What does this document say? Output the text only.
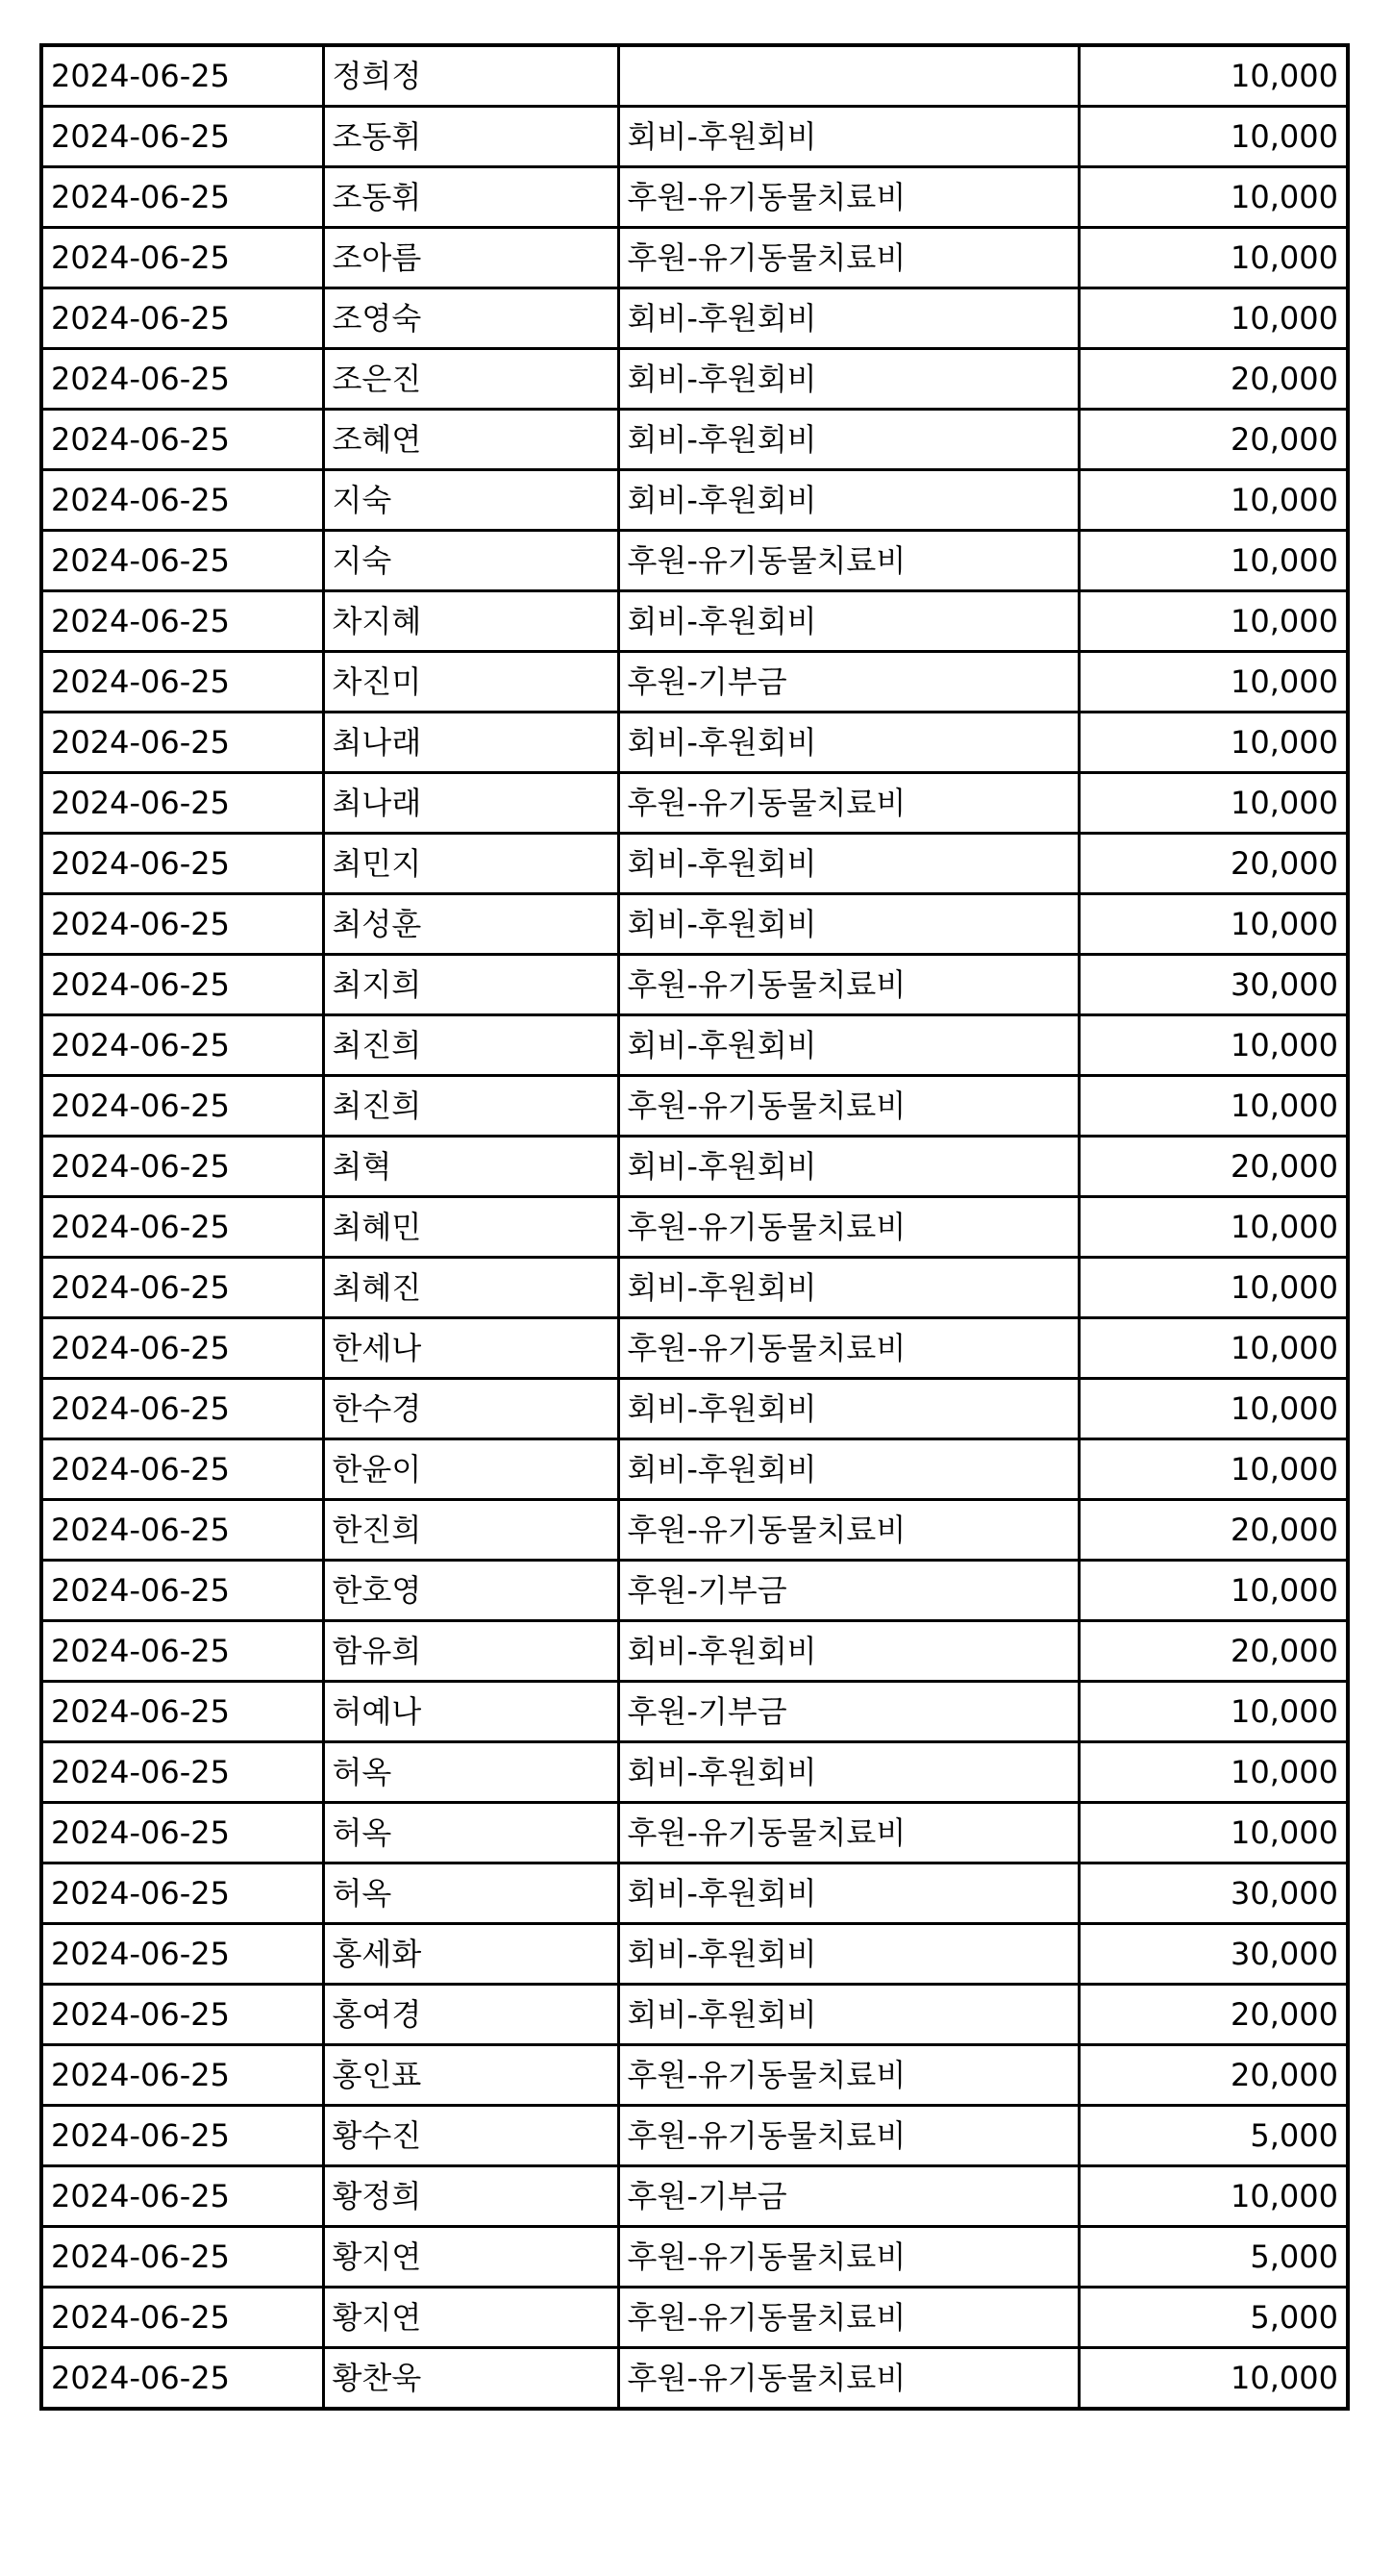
2024-06-25	정희정		10,000
2024-06-25	조동휘	회비-후원회비	10,000
2024-06-25	조동휘	후원-유기동물치료비	10,000
2024-06-25	조아름	후원-유기동물치료비	10,000
2024-06-25	조영숙	회비-후원회비	10,000
2024-06-25	조은진	회비-후원회비	20,000
2024-06-25	조혜연	회비-후원회비	20,000
2024-06-25	지숙	회비-후원회비	10,000
2024-06-25	지숙	후원-유기동물치료비	10,000
2024-06-25	차지혜	회비-후원회비	10,000
2024-06-25	차진미	후원-기부금	10,000
2024-06-25	최나래	회비-후원회비	10,000
2024-06-25	최나래	후원-유기동물치료비	10,000
2024-06-25	최민지	회비-후원회비	20,000
2024-06-25	최성훈	회비-후원회비	10,000
2024-06-25	최지희	후원-유기동물치료비	30,000
2024-06-25	최진희	회비-후원회비	10,000
2024-06-25	최진희	후원-유기동물치료비	10,000
2024-06-25	최혁	회비-후원회비	20,000
2024-06-25	최혜민	후원-유기동물치료비	10,000
2024-06-25	최혜진	회비-후원회비	10,000
2024-06-25	한세나	후원-유기동물치료비	10,000
2024-06-25	한수경	회비-후원회비	10,000
2024-06-25	한윤이	회비-후원회비	10,000
2024-06-25	한진희	후원-유기동물치료비	20,000
2024-06-25	한호영	후원-기부금	10,000
2024-06-25	함유희	회비-후원회비	20,000
2024-06-25	허예나	후원-기부금	10,000
2024-06-25	허옥	회비-후원회비	10,000
2024-06-25	허옥	후원-유기동물치료비	10,000
2024-06-25	허옥	회비-후원회비	30,000
2024-06-25	홍세화	회비-후원회비	30,000
2024-06-25	홍여경	회비-후원회비	20,000
2024-06-25	홍인표	후원-유기동물치료비	20,000
2024-06-25	황수진	후원-유기동물치료비	5,000
2024-06-25	황정희	후원-기부금	10,000
2024-06-25	황지연	후원-유기동물치료비	5,000
2024-06-25	황지연	후원-유기동물치료비	5,000
2024-06-25	황찬욱	후원-유기동물치료비	10,000
